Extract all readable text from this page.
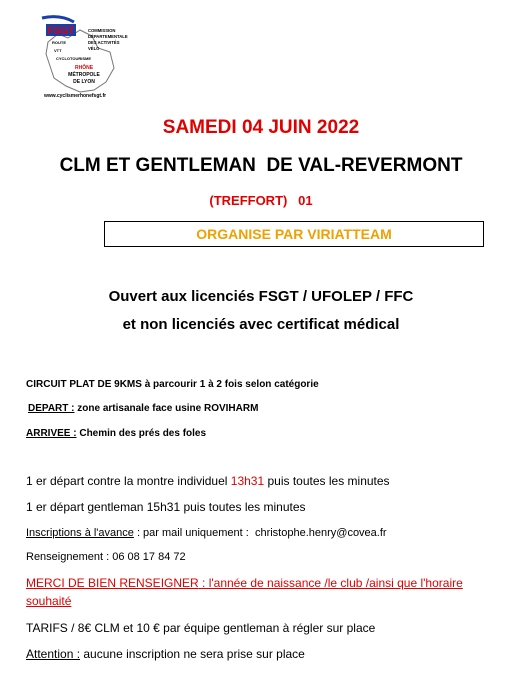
FSGT	COMMISSION
DÉPARTEMENTALE
DES ACTIVITÉS
VÉLO
ROUTE
VTT
CYCLOTOURISME
RHÔNE
MÉTROPOLE
DE LYON
www.cyclismerhonefsgt.fr
SAMEDI 04 JUIN 2022
CLM ET GENTLEMAN  DE VAL-REVERMONT
(TREFFORT)   01
ORGANISE PAR VIRIATTEAM
Ouvert aux licenciés FSGT / UFOLEP / FFC
et non licenciés avec certificat médical
CIRCUIT PLAT DE 9KMS à parcourir 1 à 2 fois selon catégorie
DEPART : zone artisanale face usine ROVIHARM
ARRIVEE : Chemin des prés des foles
1 er départ contre la montre individuel 13h31 puis toutes les minutes
1 er départ gentleman 15h31 puis toutes les minutes
Inscriptions à l'avance : par mail uniquement :  christophe.henry@covea.fr
Renseignement : 06 08 17 84 72
MERCI DE BIEN RENSEIGNER : l'année de naissance /le club /ainsi que l'horaire
souhaité
TARIFS / 8€ CLM et 10 € par équipe gentleman à régler sur place
Attention : aucune inscription ne sera prise sur place
